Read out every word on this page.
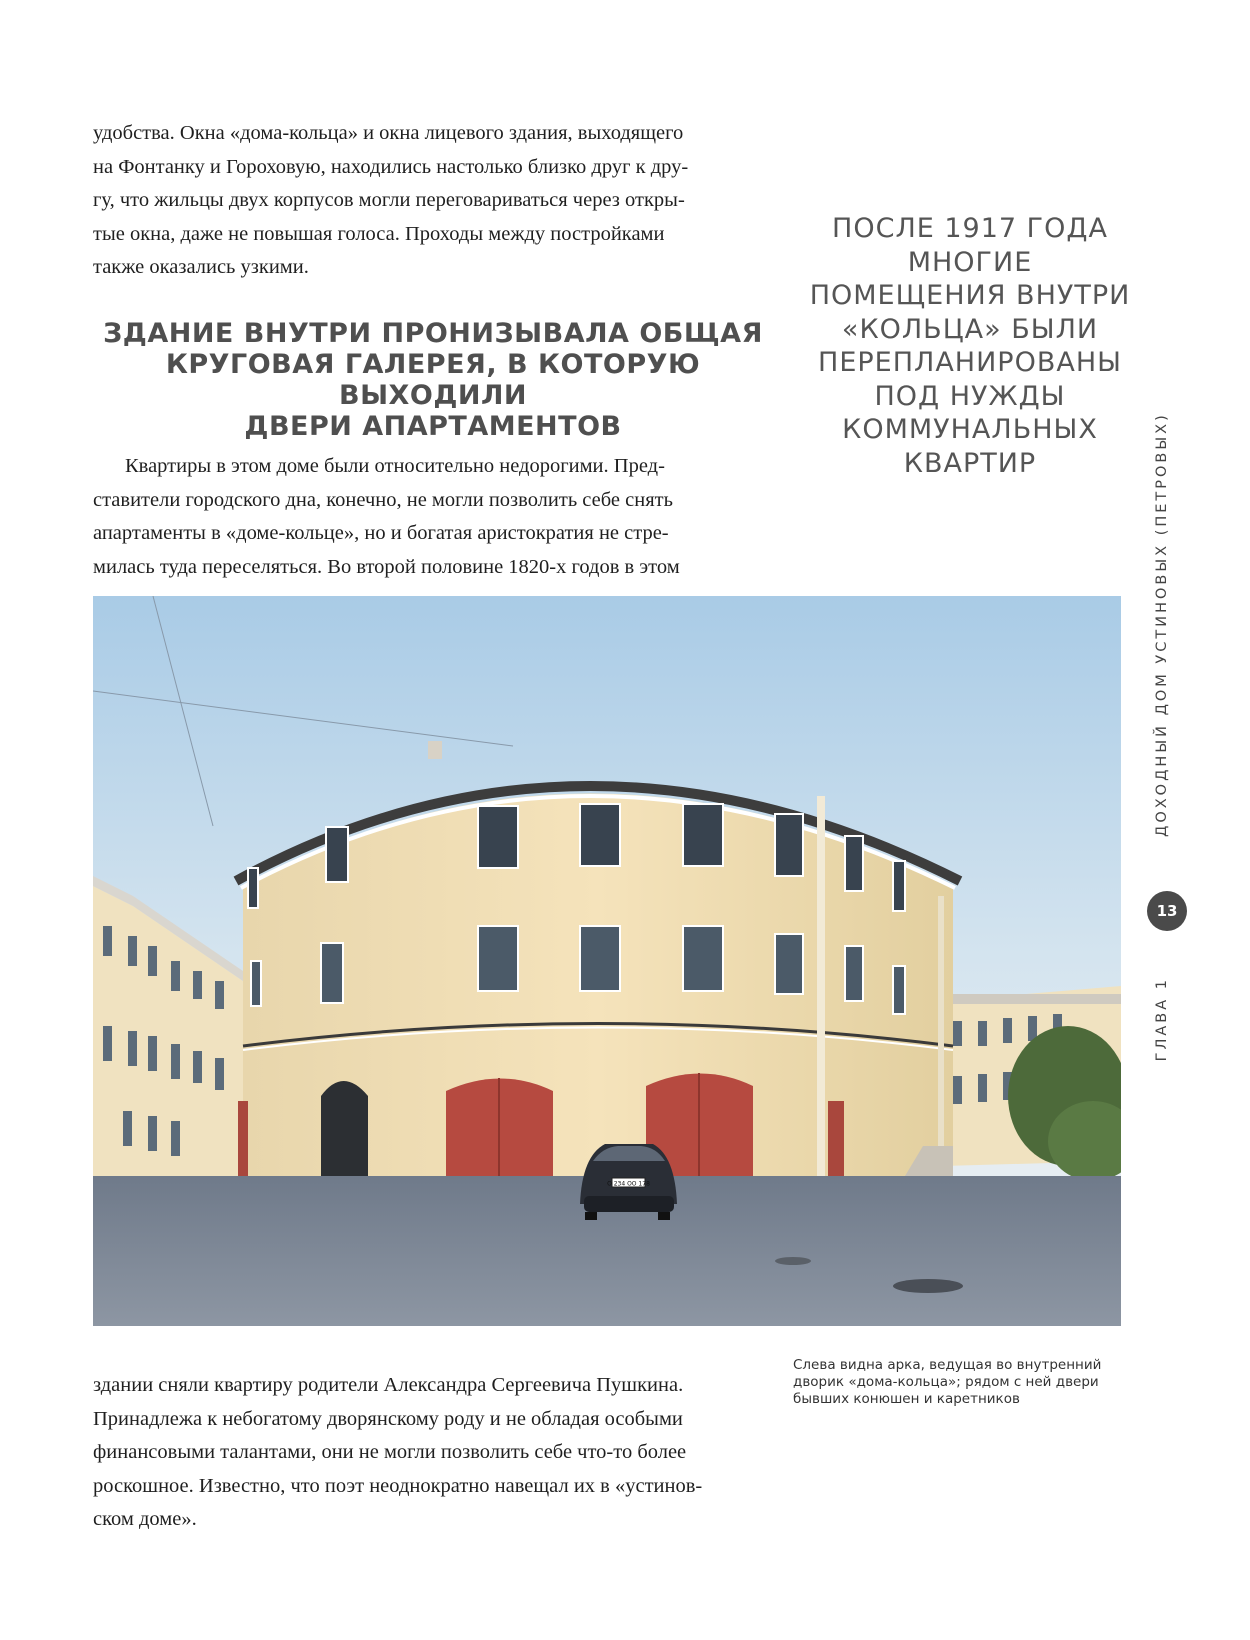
удобства. Окна «дома-кольца» и окна лицевого здания, выходящего

на Фонтанку и Гороховую, находились настолько близко друг к дру-

гу, что жильцы двух корпусов могли переговариваться через откры-

тые окна, даже не повышая голоса. Проходы между постройками

также оказались узкими.

ЗДАНИЕ ВНУТРИ ПРОНИЗЫВАЛА ОБЩАЯ
КРУГОВАЯ ГАЛЕРЕЯ, В КОТОРУЮ ВЫХОДИЛИ
ДВЕРИ АПАРТАМЕНТОВ

Квартиры в этом доме были относительно недорогими. Пред-

ставители городского дна, конечно, не могли позволить себе снять

апартаменты в «доме-кольце», но и богатая аристократия не стре-

милась туда переселяться. Во второй половине 1820-х годов в этом

ПОСЛЕ 1917 ГОДА
МНОГИЕ
ПОМЕЩЕНИЯ ВНУТРИ
«КОЛЬЦА» БЫЛИ
ПЕРЕПЛАНИРОВАНЫ
ПОД НУЖДЫ
КОММУНАЛЬНЫХ
КВАРТИР
О 234 ОО 178
Слева видна арка, ведущая во внутренний
дворик «дома-кольца»; рядом с ней двери
бывших конюшен и каретников

здании сняли квартиру родители Александра Сергеевича Пушкина.

Принадлежа к небогатому дворянскому роду и не обладая особыми

финансовыми талантами, они не могли позволить себе что-то более

роскошное. Известно, что поэт неоднократно навещал их в «устинов-

ском доме».

ДОХОДНЫЙ ДОМ УСТИНОВЫХ (ПЕТРОВЫХ)
13
ГЛАВА 1
